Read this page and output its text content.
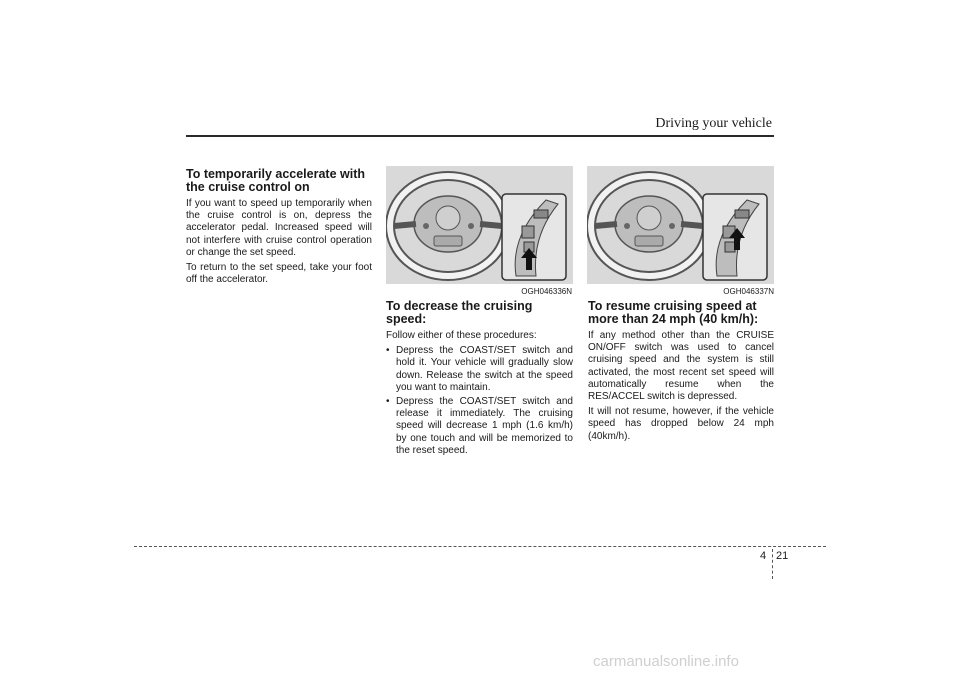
Driving your vehicle
To temporarily accelerate with the cruise control on

If you want to speed up temporarily when the cruise control is on, depress the accelerator pedal. Increased speed will not interfere with cruise control operation or change the set speed.

To return to the set speed, take your foot off the accelerator.

OGH046336N	OGH046337N
To decrease the cruising speed:

Follow either of these procedures:

• Depress the COAST/SET switch and hold it. Your vehicle will gradually slow down. Release the switch at the speed you want to maintain.
• Depress the COAST/SET switch and release it immediately. The cruising speed will decrease 1 mph (1.6 km/h) by one touch and will be memorized to the reset speed.
To resume cruising speed at more than 24 mph (40 km/h):

If any method other than the CRUISE ON/OFF switch was used to cancel cruising speed and the system is still activated, the most recent set speed will automatically resume when the RES/ACCEL switch is depressed.

It will not resume, however, if the vehicle speed has dropped below 24 mph (40km/h).

4 21
carmanualsonline.info
